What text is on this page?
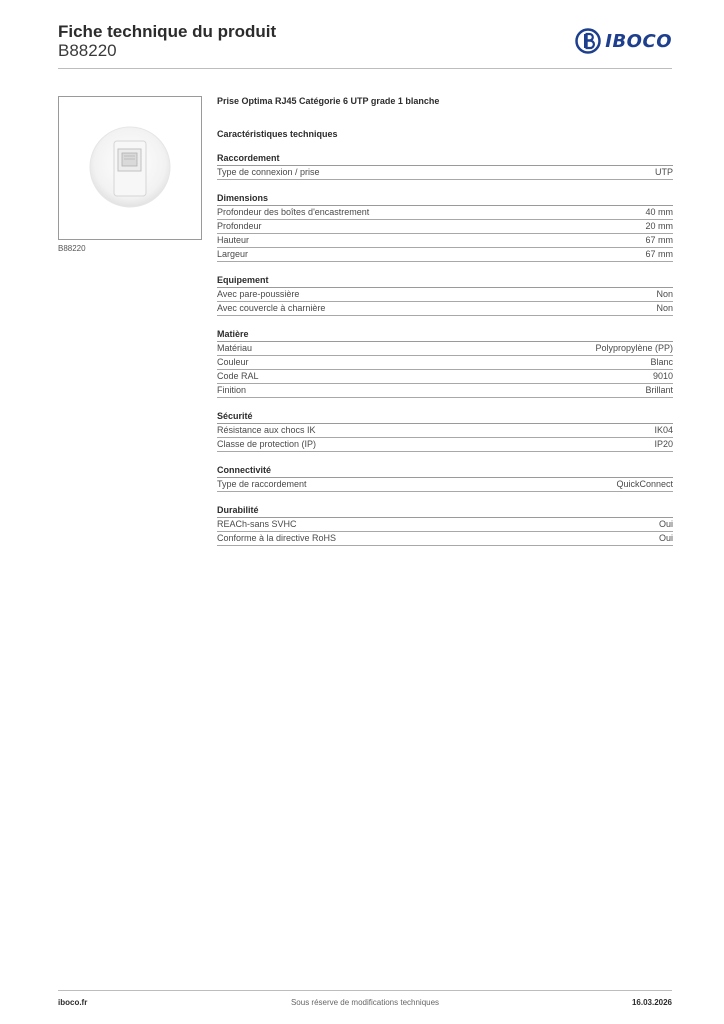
Fiche technique du produit
B88220	IBOCO
B88220
Prise Optima RJ45 Catégorie 6 UTP grade 1 blanche
Caractéristiques techniques
Raccordement
Type de connexion / prise	UTP
Dimensions
Profondeur des boîtes d'encastrement	40 mm
Profondeur	20 mm
Hauteur	67 mm
Largeur	67 mm
Equipement
Avec pare-poussière	Non
Avec couvercle à charnière	Non
Matière
Matériau	Polypropylène (PP)
Couleur	Blanc
Code RAL	9010
Finition	Brillant
Sécurité
Résistance aux chocs IK	IK04
Classe de protection (IP)	IP20
Connectivité
Type de raccordement	QuickConnect
Durabilité
REACh-sans SVHC	Oui
Conforme à la directive RoHS	Oui
iboco.fr	Sous réserve de modifications techniques	16.03.2026
